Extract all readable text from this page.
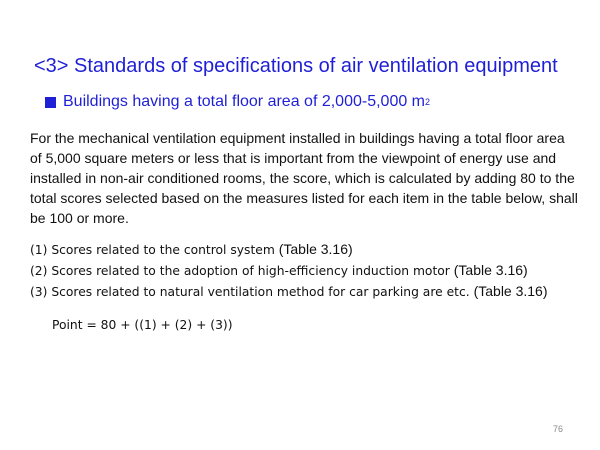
<3> Standards of specifications of air ventilation equipment
Buildings having a total floor area of 2,000-5,000 m 2

For the mechanical ventilation equipment installed in buildings having a total floor area of 5,000 square meters or less that is important from the viewpoint of energy use and installed in non-air conditioned rooms, the score, which is calculated by adding 80 to the total scores selected based on the measures listed for each item in the table below, shall be 100 or more.

(1) Scores related to the control system (Table 3.16)
(2) Scores related to the adoption of high-efficiency induction motor (Table 3.16)
(3) Scores related to natural ventilation method for car parking are etc. (Table 3.16)
Point = 80 + ((1) + (2) + (3))
76
